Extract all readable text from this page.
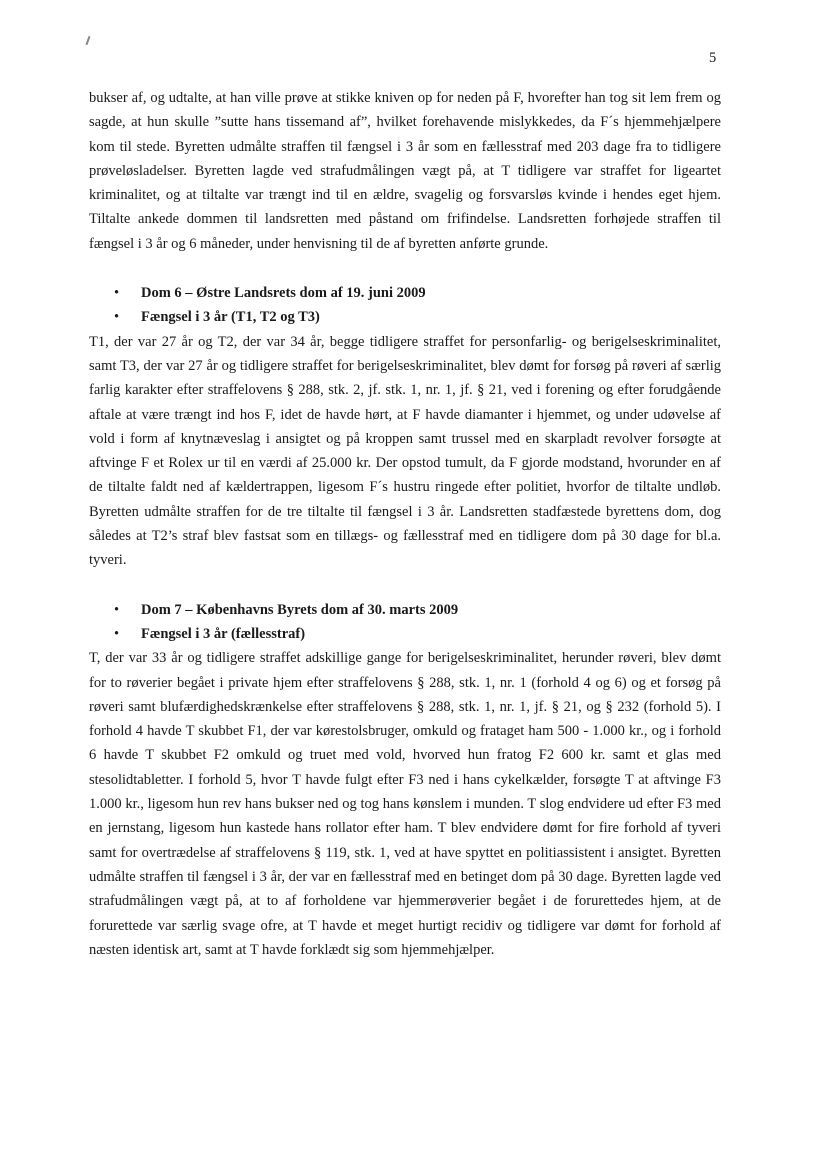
5

bukser af, og udtalte, at han ville prøve at stikke kniven op for neden på F, hvorefter han tog sit lem frem og sagde, at hun skulle ”sutte hans tissemand af”, hvilket forehavende mislykkedes, da F´s hjemmehjælpere kom til stede. Byretten udmålte straffen til fængsel i 3 år som en fællesstraf med 203 dage fra to tidligere prøveløsladelser. Byretten lagde ved strafudmålingen vægt på, at T tidligere var straffet for ligeartet kriminalitet, og at tiltalte var trængt ind til en ældre, svagelig og forsvarsløs kvinde i hendes eget hjem. Tiltalte ankede dommen til landsretten med påstand om frifindelse. Landsretten forhøjede straffen til fængsel i 3 år og 6 måneder, under henvisning til de af byretten anførte grunde.

• Dom 6 – Østre Landsrets dom af 19. juni 2009
• Fængsel i 3 år (T1, T2 og T3)

T1, der var 27 år og T2, der var 34 år, begge tidligere straffet for personfarlig- og berigelseskriminalitet, samt T3, der var 27 år og tidligere straffet for berigelseskriminalitet, blev dømt for forsøg på røveri af særlig farlig karakter efter straffelovens § 288, stk. 2, jf. stk. 1, nr. 1, jf. § 21, ved i forening og efter forudgående aftale at være trængt ind hos F, idet de havde hørt, at F havde diamanter i hjemmet, og under udøvelse af vold i form af knytnæveslag i ansigtet og på kroppen samt trussel med en skarpladt revolver forsøgte at aftvinge F et Rolex ur til en værdi af 25.000 kr. Der opstod tumult, da F gjorde modstand, hvorunder en af de tiltalte faldt ned af kældertrappen, ligesom F´s hustru ringede efter politiet, hvorfor de tiltalte undløb. Byretten udmålte straffen for de tre tiltalte til fængsel i 3 år. Landsretten stadfæstede byrettens dom, dog således at T2’s straf blev fastsat som en tillægs- og fællesstraf med en tidligere dom på 30 dage for bl.a. tyveri.

• Dom 7 – Københavns Byrets dom af 30. marts 2009
• Fængsel i 3 år (fællesstraf)

T, der var 33 år og tidligere straffet adskillige gange for berigelseskriminalitet, herunder røveri, blev dømt for to røverier begået i private hjem efter straffelovens § 288, stk. 1, nr. 1 (forhold 4 og 6) og et forsøg på røveri samt blufærdighedskrænkelse efter straffelovens § 288, stk. 1, nr. 1, jf. § 21, og § 232 (forhold 5). I forhold 4 havde T skubbet F1, der var kørestolsbruger, omkuld og frataget ham 500 - 1.000 kr., og i forhold 6 havde T skubbet F2 omkuld og truet med vold, hvorved hun fratog F2 600 kr. samt et glas med stesolidtabletter. I forhold 5, hvor T havde fulgt efter F3 ned i hans cykelkælder, forsøgte T at aftvinge F3 1.000 kr., ligesom hun rev hans bukser ned og tog hans kønslem i munden. T slog endvidere ud efter F3 med en jernstang, ligesom hun kastede hans rollator efter ham. T blev endvidere dømt for fire forhold af tyveri samt for overtrædelse af straffelovens § 119, stk. 1, ved at have spyttet en politiassistent i ansigtet. Byretten udmålte straffen til fængsel i 3 år, der var en fællesstraf med en betinget dom på 30 dage. Byretten lagde ved strafudmålingen vægt på, at to af forholdene var hjemmerøverier begået i de forurettedes hjem, at de forurettede var særlig svage ofre, at T havde et meget hurtigt recidiv og tidligere var dømt for forhold af næsten identisk art, samt at T havde forklædt sig som hjemmehjælper.
